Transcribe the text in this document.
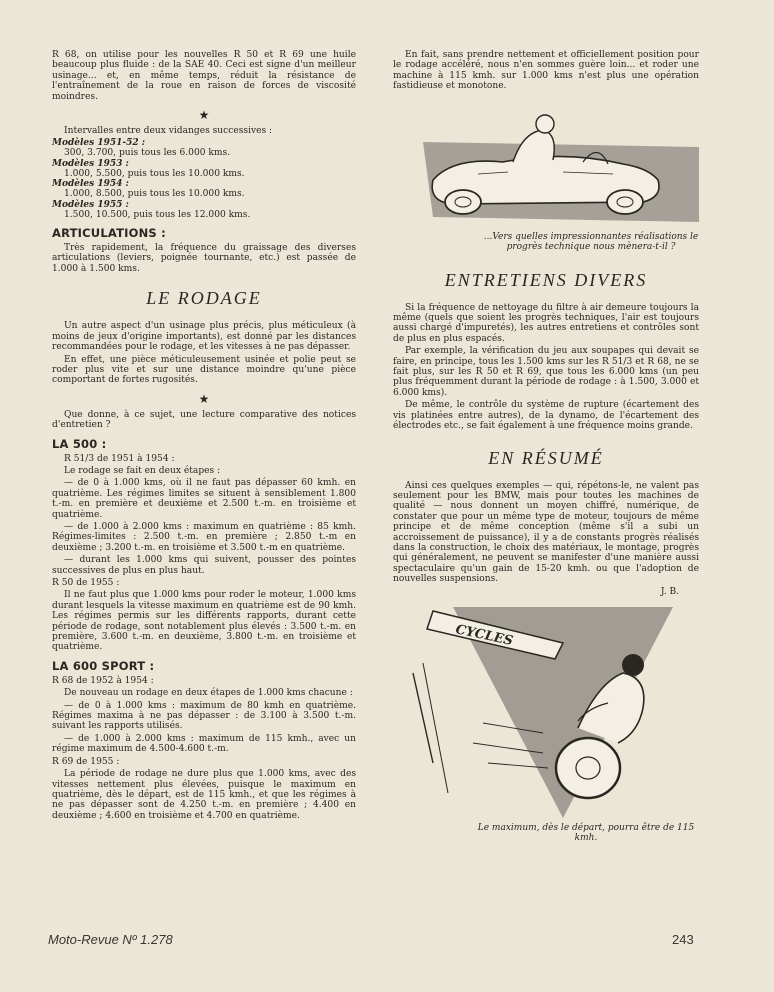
R 68, on utilise pour les nouvelles R 50 et R 69 une huile beaucoup plus fluide : de la SAE 40. Ceci est signe d'un meilleur usinage... et, en même temps, réduit la résistance de l'entraînement de la roue en raison de forces de viscosité moindres.

★

Intervalles entre deux vidanges successives :

Modèles 1951-52 :
300, 3.700, puis tous les 6.000 kms.
Modèles 1953 :
1.000, 5.500, puis tous les 10.000 kms.
Modèles 1954 :
1.000, 8.500, puis tous les 10.000 kms.
Modèles 1955 :
1.500, 10.500, puis tous les 12.000 kms.
ARTICULATIONS :

Très rapidement, la fréquence du graissage des diverses articulations (leviers, poignée tournante, etc.) est passée de 1.000 à 1.500 kms.

LE RODAGE

Un autre aspect d'un usinage plus précis, plus méticuleux (à moins de jeux d'origine importants), est donné par les distances recommandées pour le rodage, et les vitesses à ne pas dépasser.

En effet, une pièce méticuleusement usinée et polie peut se roder plus vite et sur une distance moindre qu'une pièce comportant de fortes rugosités.

★

Que donne, à ce sujet, une lecture comparative des notices d'entretien ?

LA 500 :

R 51/3 de 1951 à 1954 :

Le rodage se fait en deux étapes :

— de 0 à 1.000 kms, où il ne faut pas dépasser 60 kmh. en quatrième. Les régimes limites se situent à sensiblement 1.800 t.-m. en première et deuxième et 2.500 t.-m. en troisième et quatrième.

— de 1.000 à 2.000 kms : maximum en quatrième : 85 kmh. Régimes-limites : 2.500 t.-m. en première ; 2.850 t.-m en deuxième ; 3.200 t.-m. en troisième et 3.500 t.-m en quatrième.

— durant les 1.000 kms qui suivent, pousser des pointes successives de plus en plus haut.

R 50 de 1955 :

Il ne faut plus que 1.000 kms pour roder le moteur, 1.000 kms durant lesquels la vitesse maximum en quatrième est de 90 kmh. Les régimes permis sur les différents rapports, durant cette période de rodage, sont notablement plus élevés : 3.500 t.-m. en première, 3.600 t.-m. en deuxième, 3.800 t.-m. en troisième et quatrième.

LA 600 SPORT :

R 68 de 1952 à 1954 :

De nouveau un rodage en deux étapes de 1.000 kms chacune :

— de 0 à 1.000 kms : maximum de 80 kmh en quatrième. Régimes maxima à ne pas dépasser : de 3.100 à 3.500 t.-m. suivant les rapports utilisés.

— de 1.000 à 2.000 kms : maximum de 115 kmh., avec un régime maximum de 4.500-4.600 t.-m.

R 69 de 1955 :

La période de rodage ne dure plus que 1.000 kms, avec des vitesses nettement plus élevées, puisque le maximum en quatrième, dès le départ, est de 115 kmh., et que les régimes à ne pas dépasser sont de 4.250 t.-m. en première ; 4.400 en deuxième ; 4.600 en troisième et 4.700 en quatrième.

En fait, sans prendre nettement et officiellement position pour le rodage accéléré, nous n'en sommes guère loin... et roder une machine à 115 kmh. sur 1.000 kms n'est plus une opération fastidieuse et monotone.

...Vers quelles impressionnantes réalisations le progrès technique nous mènera-t-il ?
ENTRETIENS DIVERS

Si la fréquence de nettoyage du filtre à air demeure toujours la même (quels que soient les progrès techniques, l'air est toujours aussi chargé d'impuretés), les autres entretiens et contrôles sont de plus en plus espacés.

Par exemple, la vérification du jeu aux soupapes qui devait se faire, en principe, tous les 1.500 kms sur les R 51/3 et R 68, ne se fait plus, sur les R 50 et R 69, que tous les 6.000 kms (un peu plus fréquemment durant la période de rodage : à 1.500, 3.000 et 6.000 kms).

De même, le contrôle du système de rupture (écartement des vis platinées entre autres), de la dynamo, de l'écartement des électrodes etc., se fait également à une fréquence moins grande.

EN RÉSUMÉ

Ainsi ces quelques exemples — qui, répétons-le, ne valent pas seulement pour les BMW, mais pour toutes les machines de qualité — nous donnent un moyen chiffré, numérique, de constater que pour un même type de moteur, toujours de même principe et de même conception (même s'il a subi un accroissement de puissance), il y a de constants progrès réalisés dans la construction, le choix des matériaux, le montage, progrès qui généralement, ne peuvent se manifester d'une manière aussi spectaculaire qu'un gain de 15-20 kmh. ou que l'adoption de nouvelles suspensions.

J. B.
CYCLES
Le maximum, dès le départ, pourra être de 115 kmh.
Moto-Revue Nº 1.278	243
